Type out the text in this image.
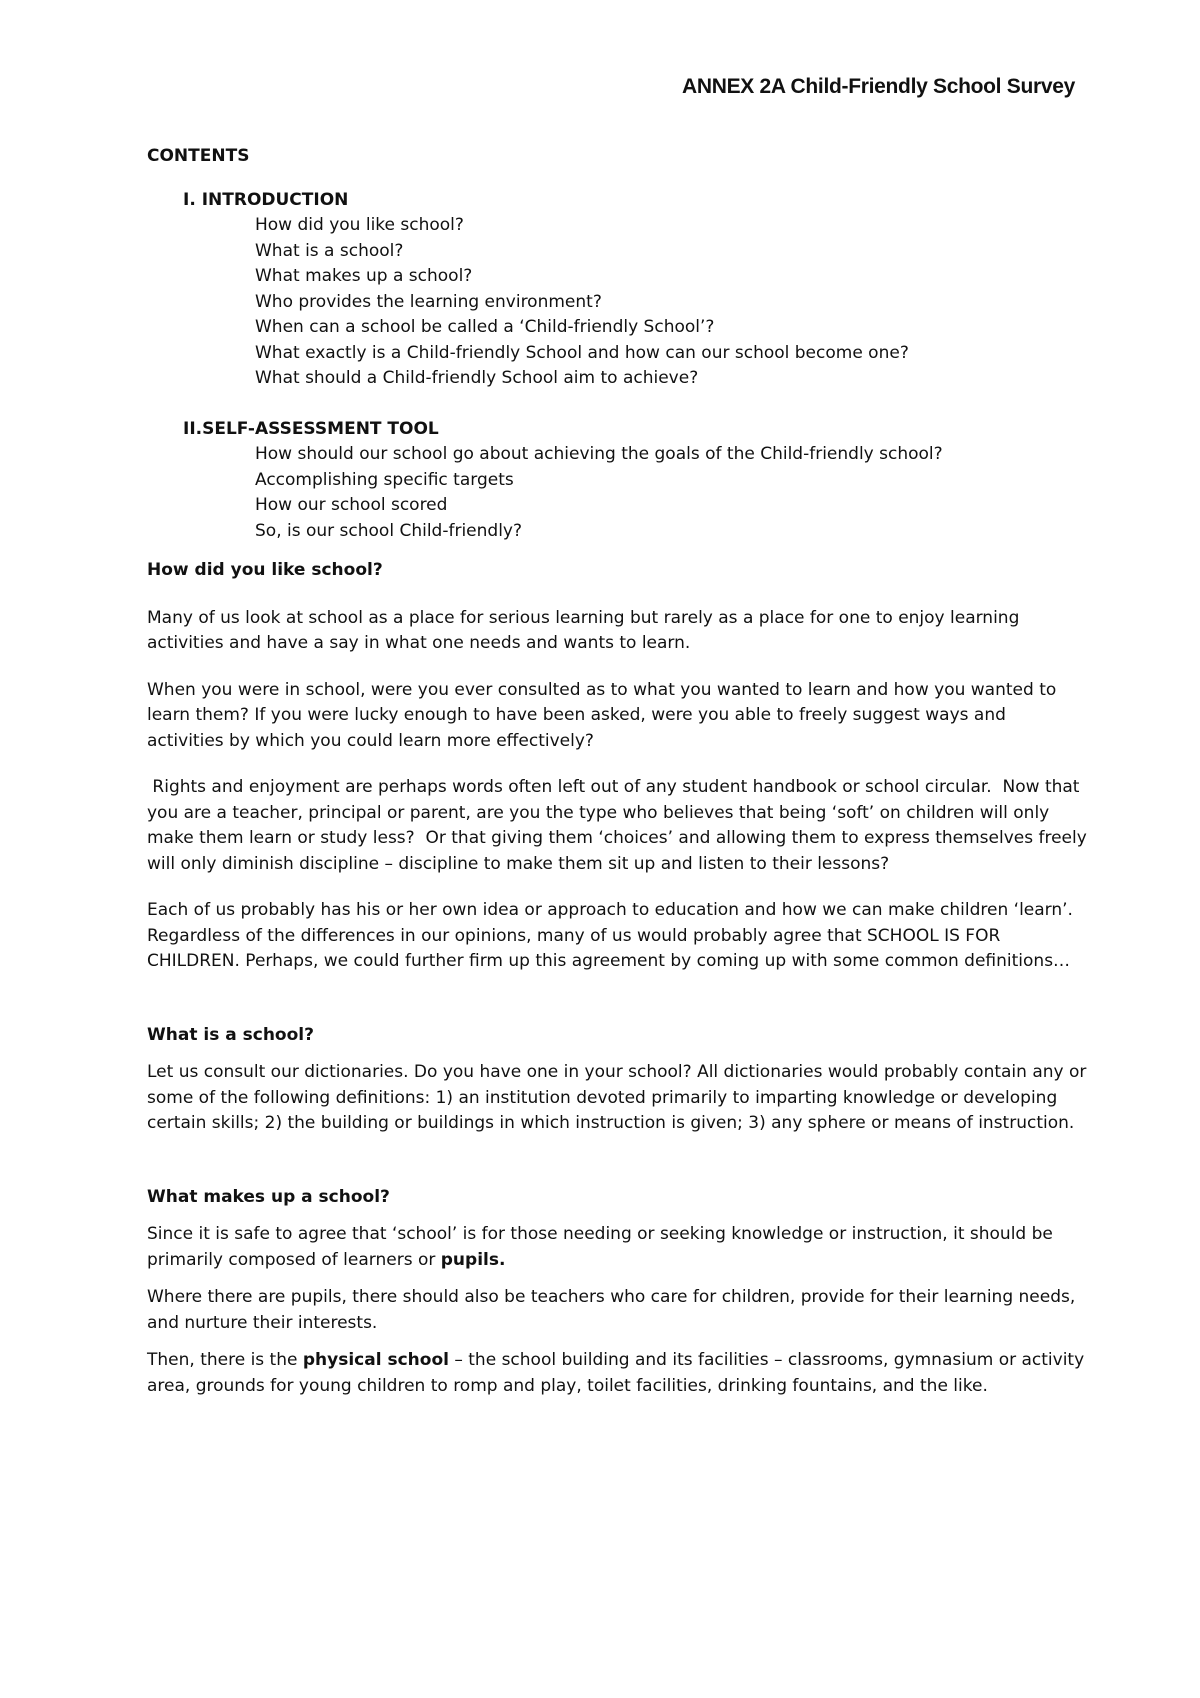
ANNEX 2A Child-Friendly School Survey

CONTENTS

I. INTRODUCTION

How did you like school?
What is a school?
What makes up a school?
Who provides the learning environment?
When can a school be called a ‘Child-friendly School’?
What exactly is a Child-friendly School and how can our school become one?
What should a Child-friendly School aim to achieve?

II.SELF-ASSESSMENT TOOL

How should our school go about achieving the goals of the Child-friendly school?
Accomplishing specific targets
How our school scored
So, is our school Child-friendly?
How did you like school?

Many of us look at school as a place for serious learning but rarely as a place for one to enjoy learning activities and have a say in what one needs and wants to learn.

When you were in school, were you ever consulted as to what you wanted to learn and how you wanted to learn them? If you were lucky enough to have been asked, were you able to freely suggest ways and activities by which you could learn more effectively?

Rights and enjoyment are perhaps words often left out of any student handbook or school circular.  Now that you are a teacher, principal or parent, are you the type who believes that being ‘soft’ on children will only make them learn or study less?  Or that giving them ‘choices’ and allowing them to express themselves freely will only diminish discipline – discipline to make them sit up and listen to their lessons?

Each of us probably has his or her own idea or approach to education and how we can make children ‘learn’. Regardless of the differences in our opinions, many of us would probably agree that SCHOOL IS FOR CHILDREN. Perhaps, we could further firm up this agreement by coming up with some common definitions…

What is a school?

Let us consult our dictionaries. Do you have one in your school? All dictionaries would probably contain any or some of the following definitions: 1) an institution devoted primarily to imparting knowledge or developing certain skills; 2) the building or buildings in which instruction is given; 3) any sphere or means of instruction.

What makes up a school?

Since it is safe to agree that ‘school’ is for those needing or seeking knowledge or instruction, it should be primarily composed of learners or pupils.

Where there are pupils, there should also be teachers who care for children, provide for their learning needs, and nurture their interests.

Then, there is the physical school – the school building and its facilities – classrooms, gymnasium or activity area, grounds for young children to romp and play, toilet facilities, drinking fountains, and the like.
